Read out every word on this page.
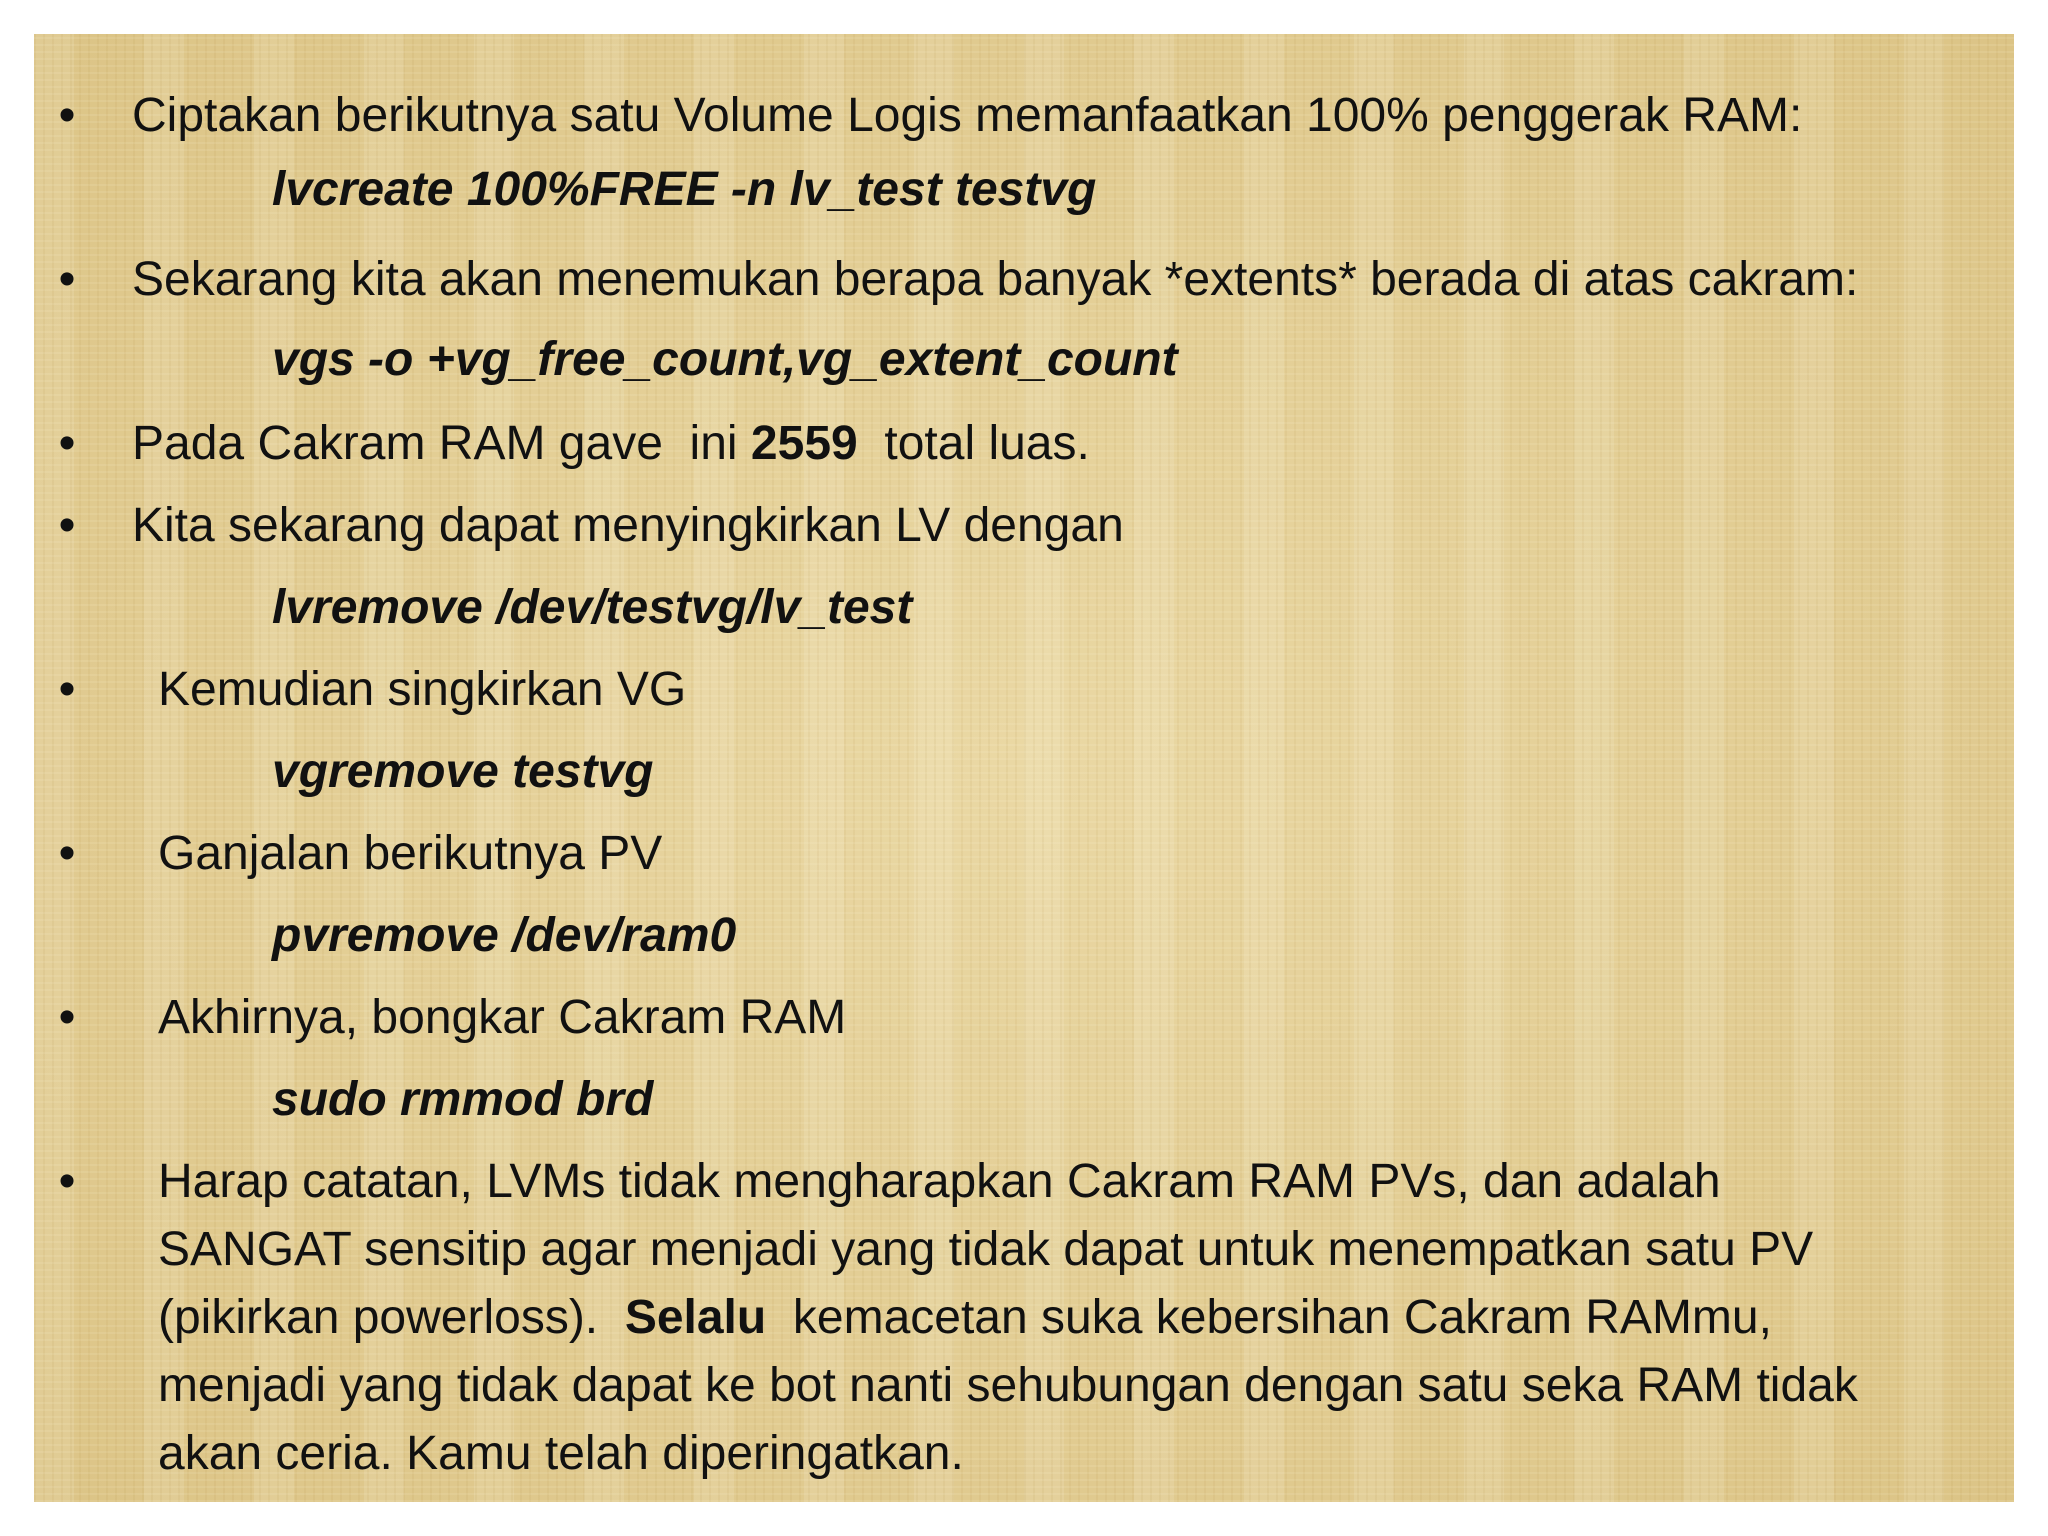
• Ciptakan berikutnya satu Volume Logis memanfaatkan 100% penggerak RAM:
lvcreate 100%FREE -n lv_test testvg
• Sekarang kita akan menemukan berapa banyak *extents* berada di atas cakram:
vgs -o +vg_free_count,vg_extent_count
• Pada Cakram RAM gave  ini 2559  total luas.
• Kita sekarang dapat menyingkirkan LV dengan
lvremove /dev/testvg/lv_test
• Kemudian singkirkan VG
vgremove testvg
• Ganjalan berikutnya PV
pvremove /dev/ram0
• Akhirnya, bongkar Cakram RAM
sudo rmmod brd
• Harap catatan, LVMs tidak mengharapkan Cakram RAM PVs, dan adalah
SANGAT sensitip agar menjadi yang tidak dapat untuk menempatkan satu PV
(pikirkan powerloss).  Selalu  kemacetan suka kebersihan Cakram RAMmu,
menjadi yang tidak dapat ke bot nanti sehubungan dengan satu seka RAM tidak
akan ceria. Kamu telah diperingatkan.
